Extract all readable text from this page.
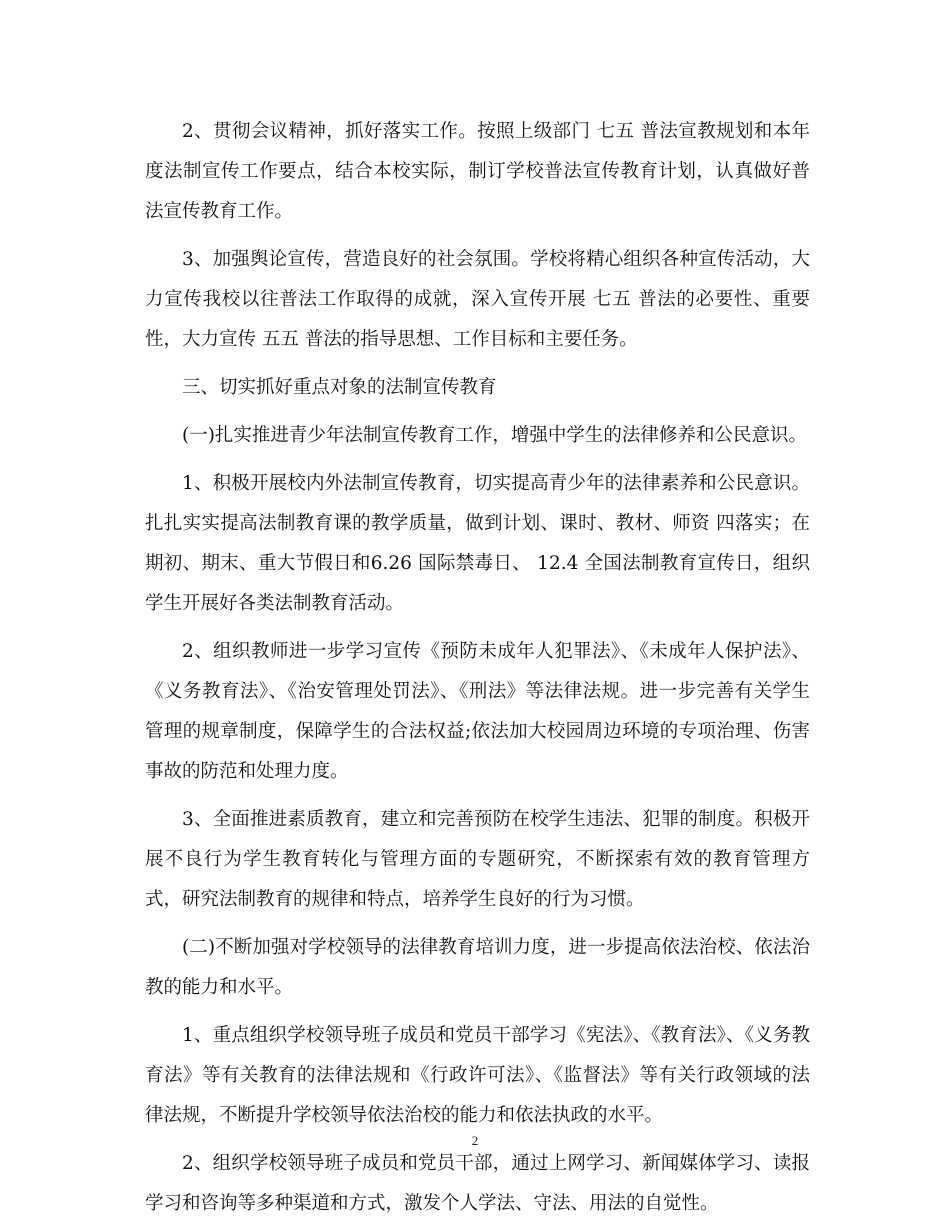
2、贯彻会议精神，抓好落实工作。按照上级部门 七五 普法宣教规划和本年度法制宣传工作要点，结合本校实际，制订学校普法宣传教育计划，认真做好普法宣传教育工作。

3、加强舆论宣传，营造良好的社会氛围。学校将精心组织各种宣传活动，大力宣传我校以往普法工作取得的成就，深入宣传开展 七五 普法的必要性、重要性，大力宣传 五五 普法的指导思想、工作目标和主要任务。

三、切实抓好重点对象的法制宣传教育

(一)扎实推进青少年法制宣传教育工作，增强中学生的法律修养和公民意识。

1、积极开展校内外法制宣传教育，切实提高青少年的法律素养和公民意识。扎扎实实提高法制教育课的教学质量，做到计划、课时、教材、师资 四落实；在期初、期末、重大节假日和6.26 国际禁毒日、 12.4 全国法制教育宣传日，组织学生开展好各类法制教育活动。

2、组织教师进一步学习宣传《预防未成年人犯罪法》、《未成年人保护法》、《义务教育法》、《治安管理处罚法》、《刑法》等法律法规。进一步完善有关学生管理的规章制度，保障学生的合法权益;依法加大校园周边环境的专项治理、伤害事故的防范和处理力度。

3、全面推进素质教育，建立和完善预防在校学生违法、犯罪的制度。积极开展不良行为学生教育转化与管理方面的专题研究，不断探索有效的教育管理方式，研究法制教育的规律和特点，培养学生良好的行为习惯。

(二)不断加强对学校领导的法律教育培训力度，进一步提高依法治校、依法治教的能力和水平。

1、重点组织学校领导班子成员和党员干部学习《宪法》、《教育法》、《义务教育法》等有关教育的法律法规和《行政许可法》、《监督法》等有关行政领域的法律法规，不断提升学校领导依法治校的能力和依法执政的水平。

2、组织学校领导班子成员和党员干部，通过上网学习、新闻媒体学习、读报学习和咨询等多种渠道和方式，激发个人学法、守法、用法的自觉性。

2
